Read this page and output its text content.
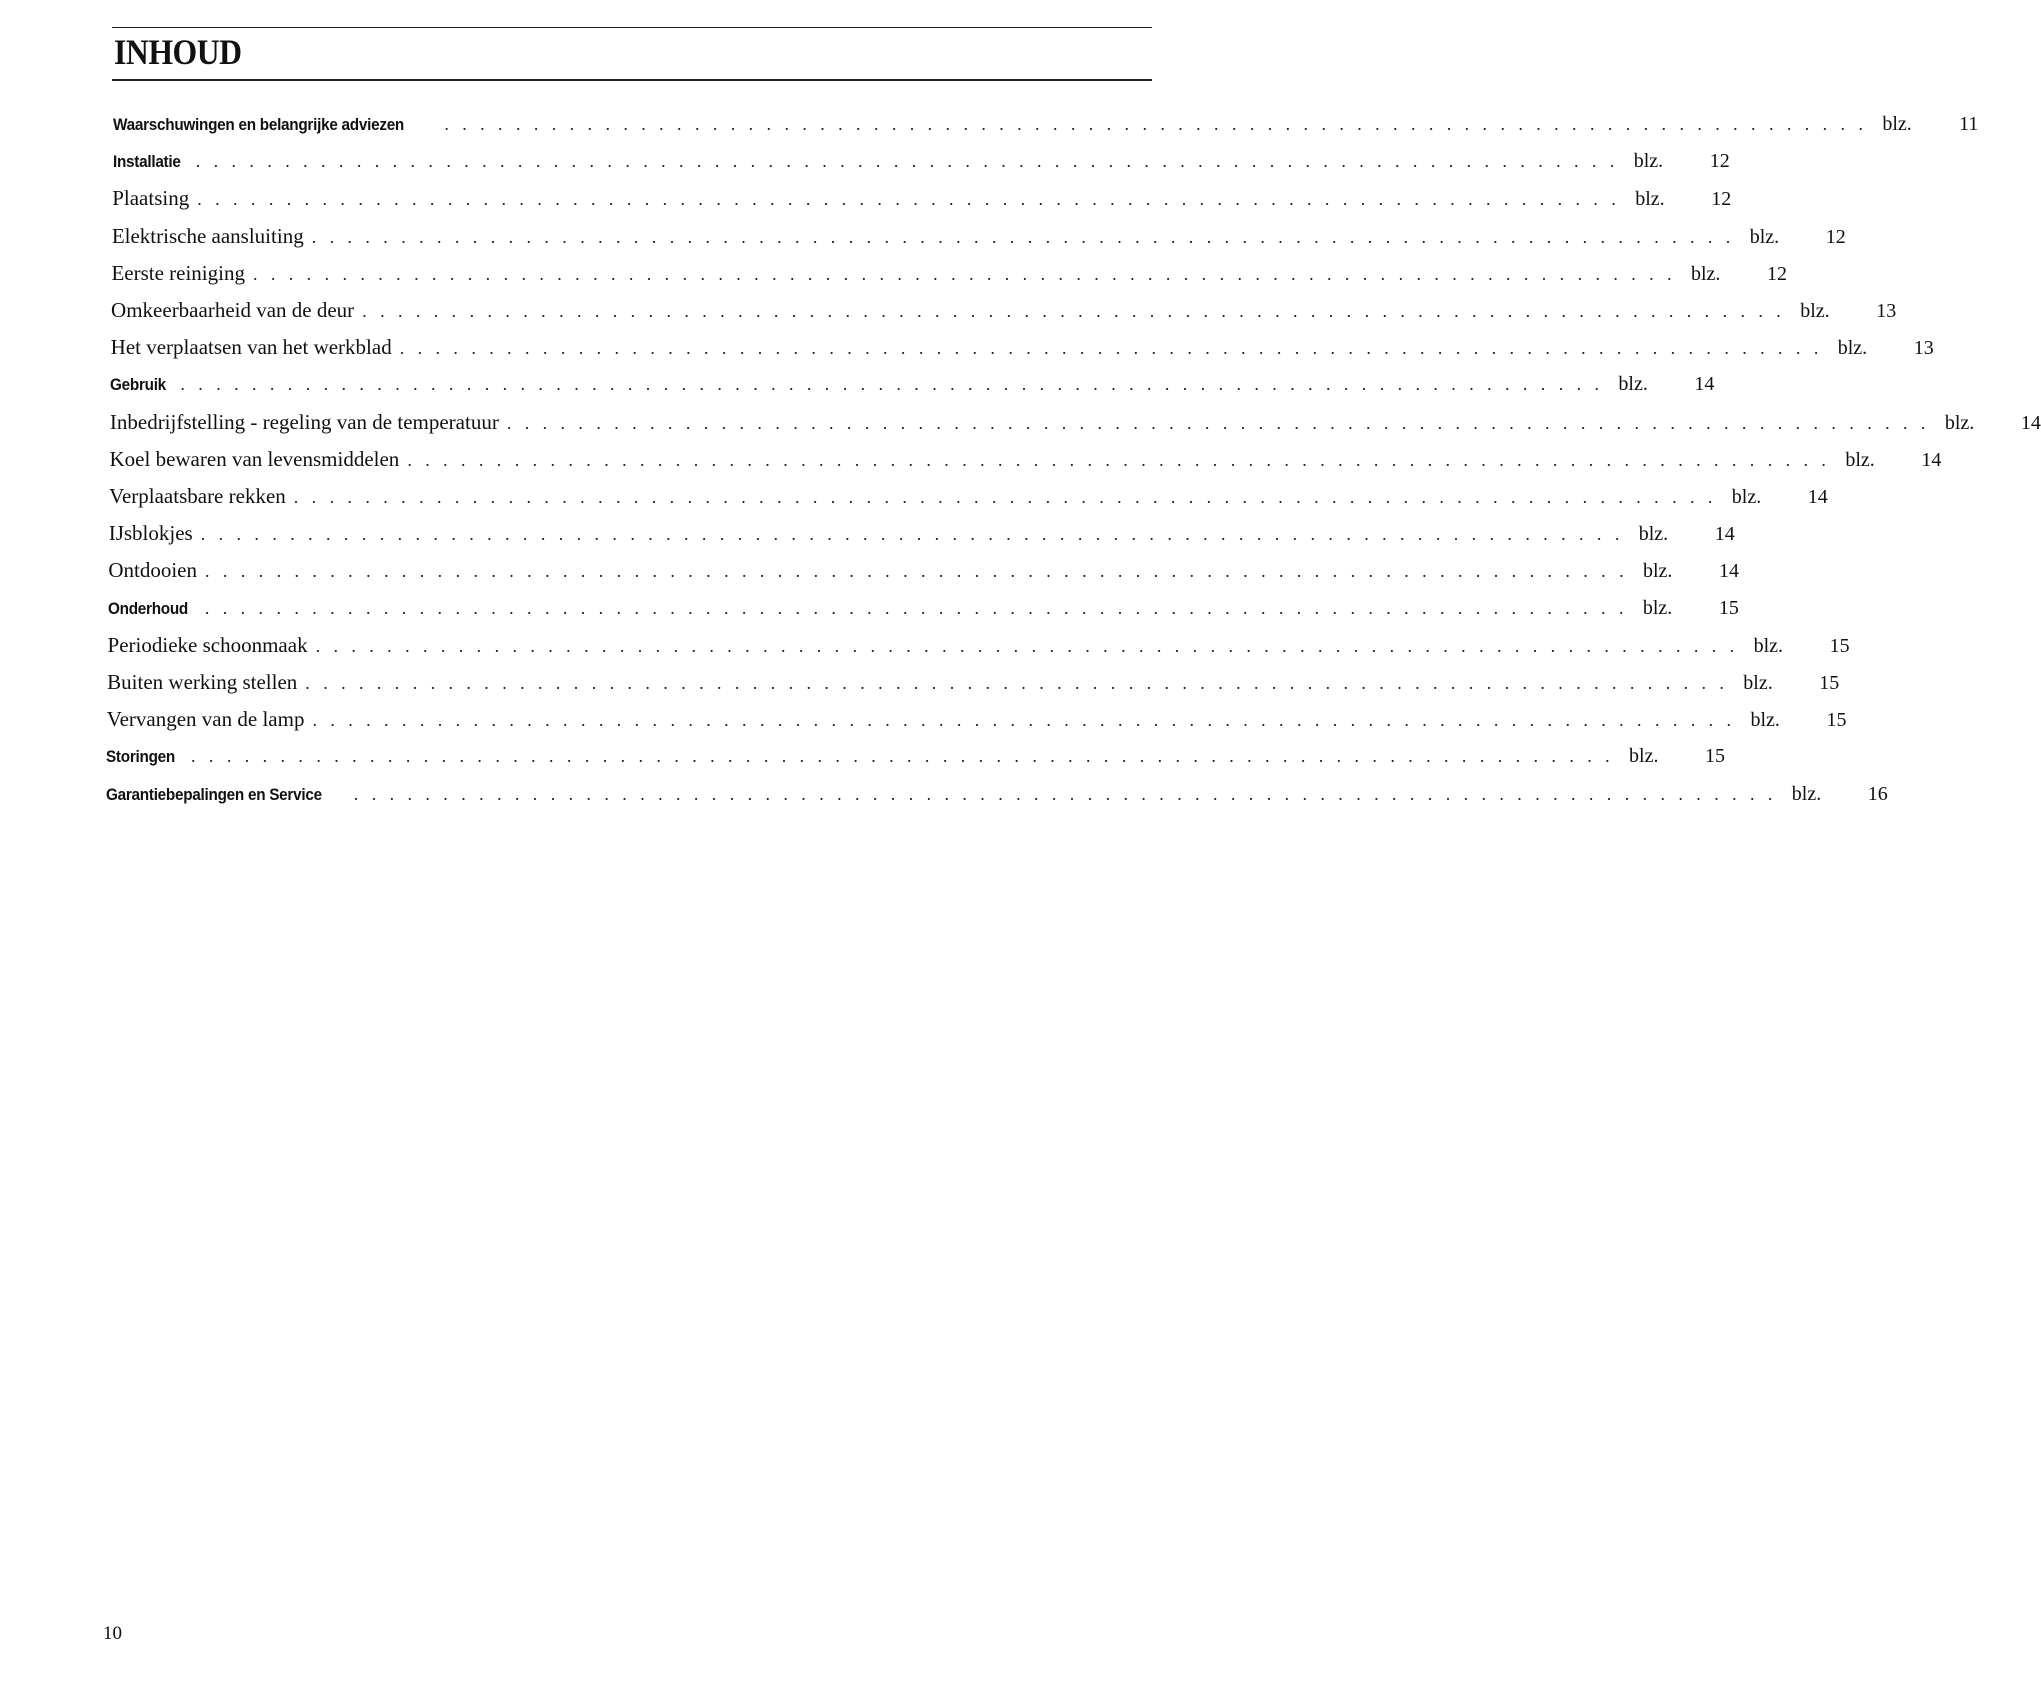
INHOUD
Waarschuwingen en belangrijke adviezen ................................................................................ blz.	11
Installatie ................................................................................ blz.	12
Plaatsing ................................................................................ blz.	12
Elektrische aansluiting ................................................................................ blz.	12
Eerste reiniging ................................................................................ blz.	12
Omkeerbaarheid van de deur ................................................................................ blz.	13
Het verplaatsen van het werkblad ................................................................................ blz.	13
Gebruik ................................................................................ blz.	14
Inbedrijfstelling - regeling van de temperatuur ................................................................................ blz.	14
Koel bewaren van levensmiddelen ................................................................................ blz.	14
Verplaatsbare rekken ................................................................................ blz.	14
IJsblokjes ................................................................................ blz.	14
Ontdooien ................................................................................ blz.	14
Onderhoud ................................................................................ blz.	15
Periodieke schoonmaak ................................................................................ blz.	15
Buiten werking stellen ................................................................................ blz.	15
Vervangen van de lamp ................................................................................ blz.	15
Storingen ................................................................................ blz.	15
Garantiebepalingen en Service ................................................................................ blz.	16
10
